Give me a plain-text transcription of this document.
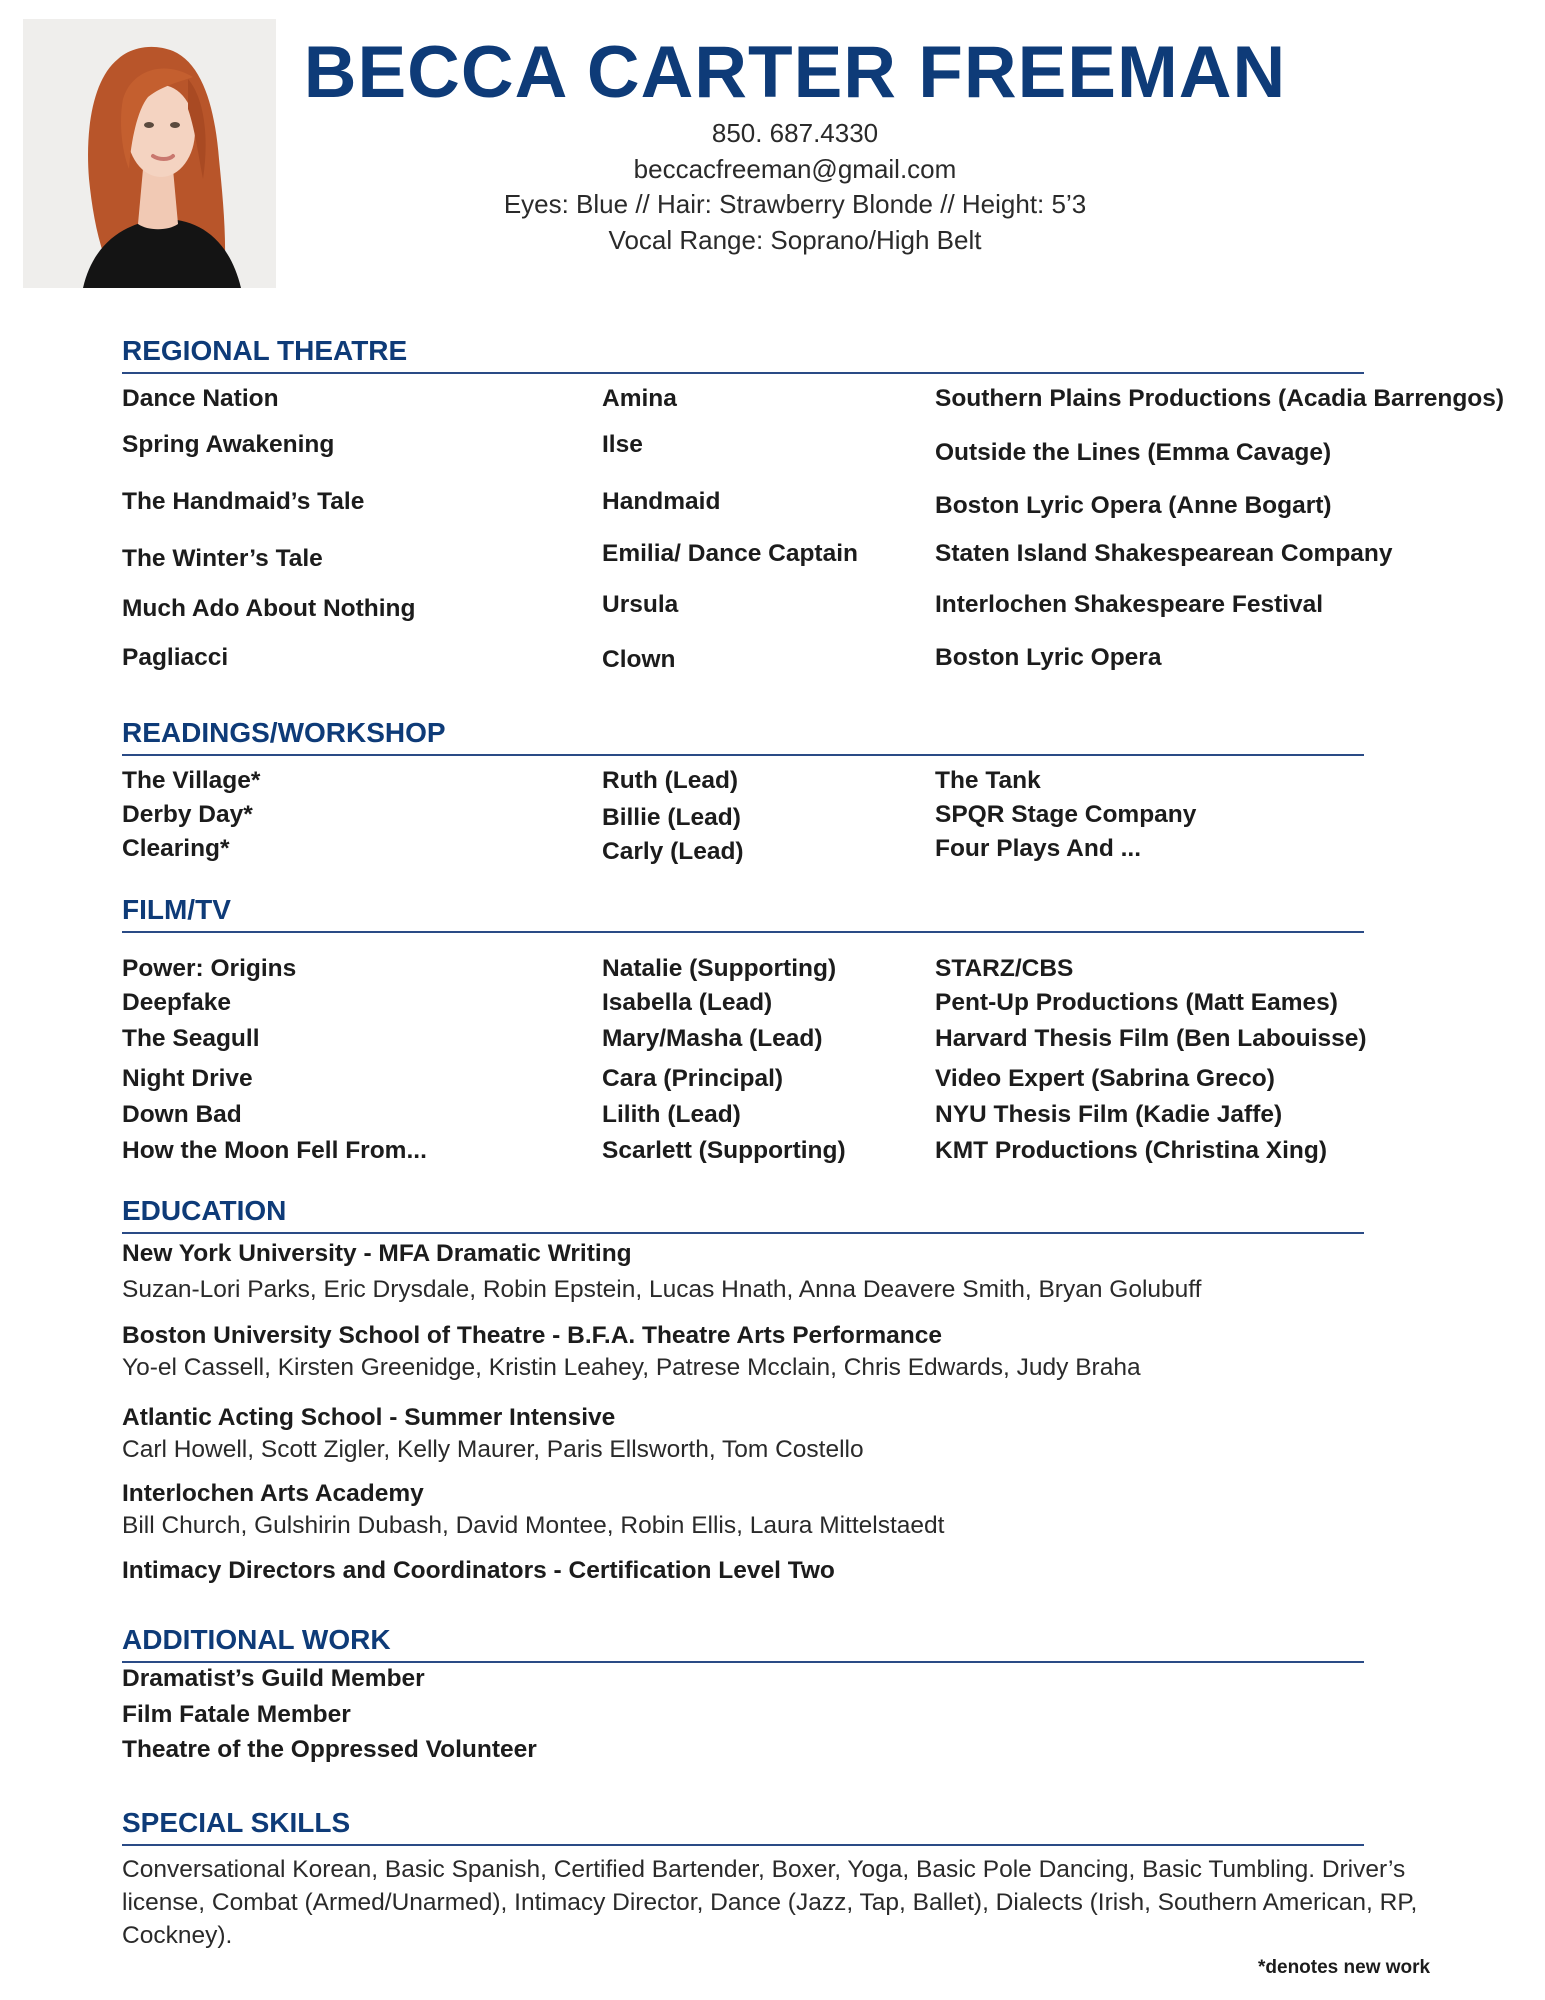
BECCA CARTER FREEMAN
850. 687.4330
beccacfreeman@gmail.com
Eyes: Blue // Hair: Strawberry Blonde // Height: 5’3
Vocal Range: Soprano/High Belt
REGIONAL THEATRE
Dance Nation	Amina	Southern Plains Productions (Acadia Barrengos)
Spring Awakening	Ilse	Outside the Lines (Emma Cavage)
The Handmaid’s Tale	Handmaid	Boston Lyric Opera (Anne Bogart)
The Winter’s Tale	Emilia/ Dance Captain	Staten Island Shakespearean Company
Much Ado About Nothing	Ursula	Interlochen Shakespeare Festival
Pagliacci	Clown	Boston Lyric Opera
READINGS/WORKSHOP
The Village*	Ruth (Lead)	The Tank
Derby Day*	Billie (Lead)	SPQR Stage Company
Clearing*	Carly (Lead)	Four Plays And ...
FILM/TV
Power: Origins	Natalie (Supporting)	STARZ/CBS
Deepfake	Isabella (Lead)	Pent-Up Productions (Matt Eames)
The Seagull	Mary/Masha (Lead)	Harvard Thesis Film (Ben Labouisse)
Night Drive	Cara (Principal)	Video Expert (Sabrina Greco)
Down Bad	Lilith (Lead)	NYU Thesis Film (Kadie Jaffe)
How the Moon Fell From...	Scarlett (Supporting)	KMT Productions (Christina Xing)
EDUCATION
New York University - MFA Dramatic Writing
Suzan-Lori Parks, Eric Drysdale, Robin Epstein, Lucas Hnath, Anna Deavere Smith, Bryan Golubuff
Boston University School of Theatre - B.F.A. Theatre Arts Performance
Yo-el Cassell, Kirsten Greenidge, Kristin Leahey, Patrese Mcclain, Chris Edwards, Judy Braha
Atlantic Acting School - Summer Intensive
Carl Howell, Scott Zigler, Kelly Maurer, Paris Ellsworth, Tom Costello
Interlochen Arts Academy
Bill Church, Gulshirin Dubash, David Montee, Robin Ellis, Laura Mittelstaedt
Intimacy Directors and Coordinators - Certification Level Two
ADDITIONAL WORK
Dramatist’s Guild Member
Film Fatale Member
Theatre of the Oppressed Volunteer
SPECIAL SKILLS
Conversational Korean, Basic Spanish, Certified Bartender, Boxer, Yoga, Basic Pole Dancing, Basic Tumbling. Driver’s license, Combat (Armed/Unarmed), Intimacy Director, Dance (Jazz, Tap, Ballet), Dialects (Irish, Southern American, RP, Cockney).
*denotes new work
